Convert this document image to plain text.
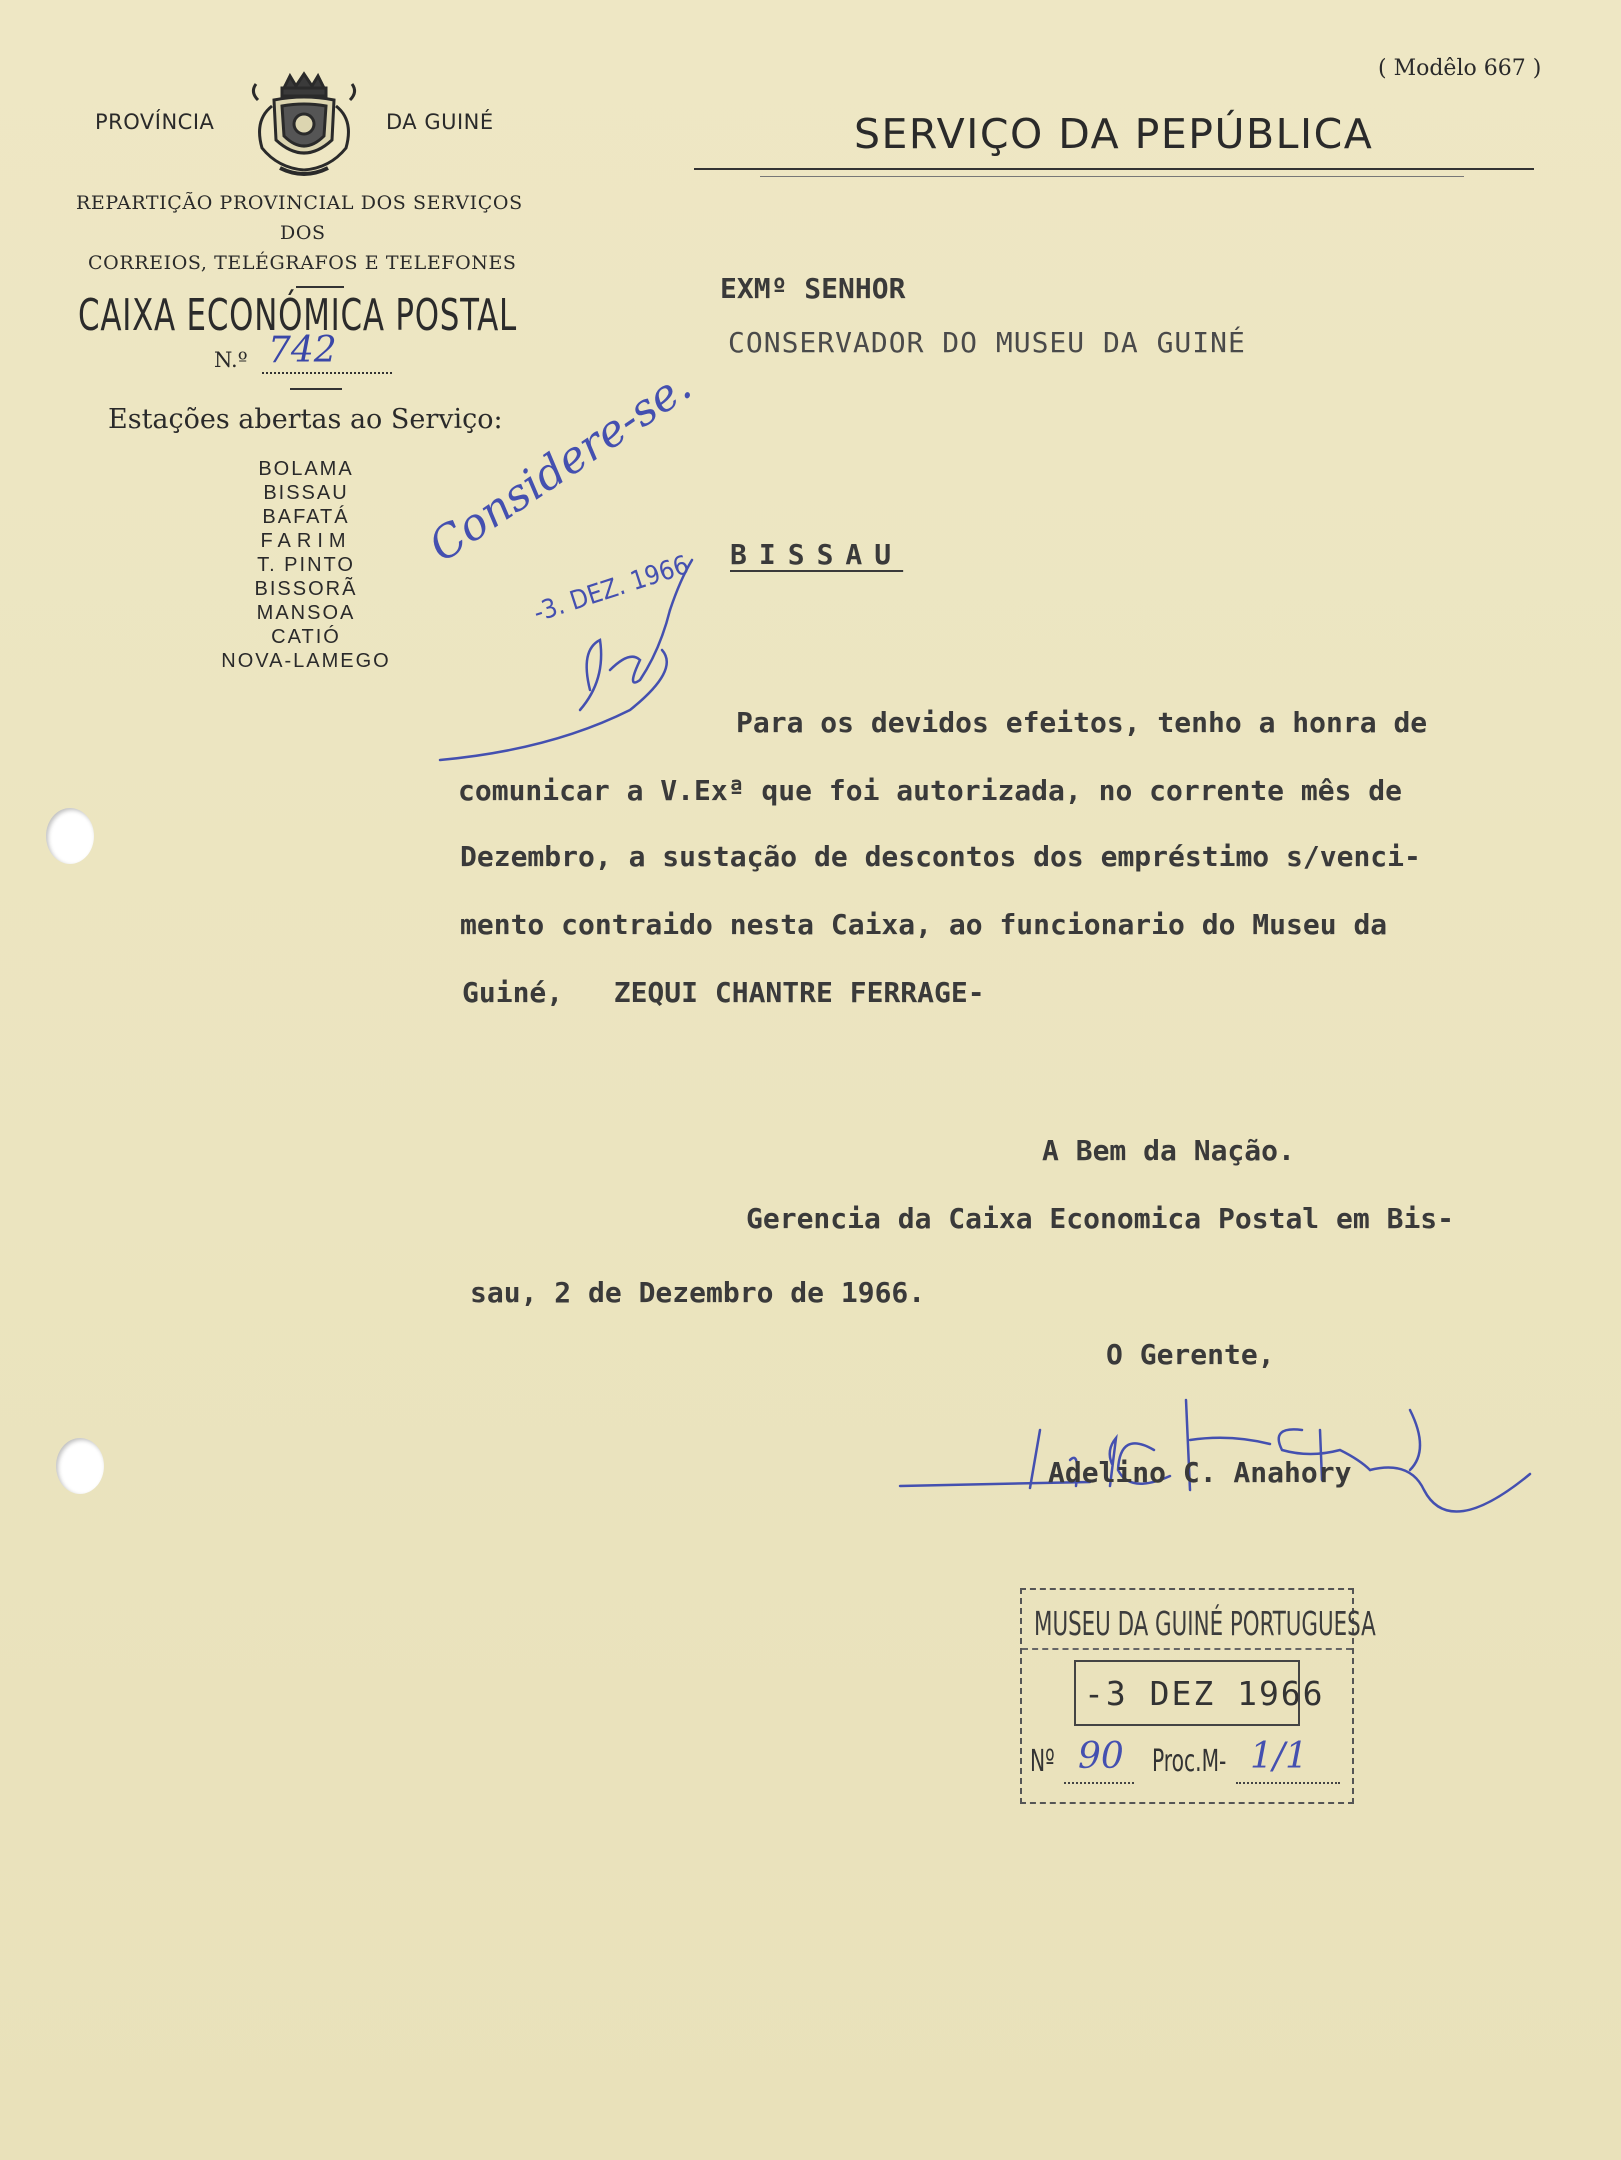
PROVÍNCIA	DA GUINÉ
REPARTIÇÃO PROVINCIAL DOS SERVIÇOS
DOS
CORREIOS, TELÉGRAFOS E TELEFONES
CAIXA ECONÓMICA POSTAL
N.º 742
Estações abertas ao Serviço:
BOLAMA
BISSAU
BAFATÁ
FARIM
T. PINTO
BISSORÃ
MANSOA
CATIÓ
NOVA-LAMEGO
( Modêlo 667 )
SERVIÇO DA PEPÚBLICA
EXMº SENHOR
CONSERVADOR DO MUSEU DA GUINÉ
BISSAU
Considere-se.
-3. DEZ. 1966
Para os devidos efeitos, tenho a honra de
comunicar a V.Exª que foi autorizada, no corrente mês de
Dezembro, a sustação de descontos dos empréstimo s/venci-
mento contraido nesta Caixa, ao funcionario do Museu da
Guiné,   ZEQUI CHANTRE FERRAGE-
A Bem da Nação.
Gerencia da Caixa Economica Postal em Bis-
sau, 2 de Dezembro de 1966.
O Gerente,
Adelino C. Anahory
MUSEU DA GUINÉ PORTUGUESA
-3 DEZ 1966
Nº 90 Proc.M- 1/1
